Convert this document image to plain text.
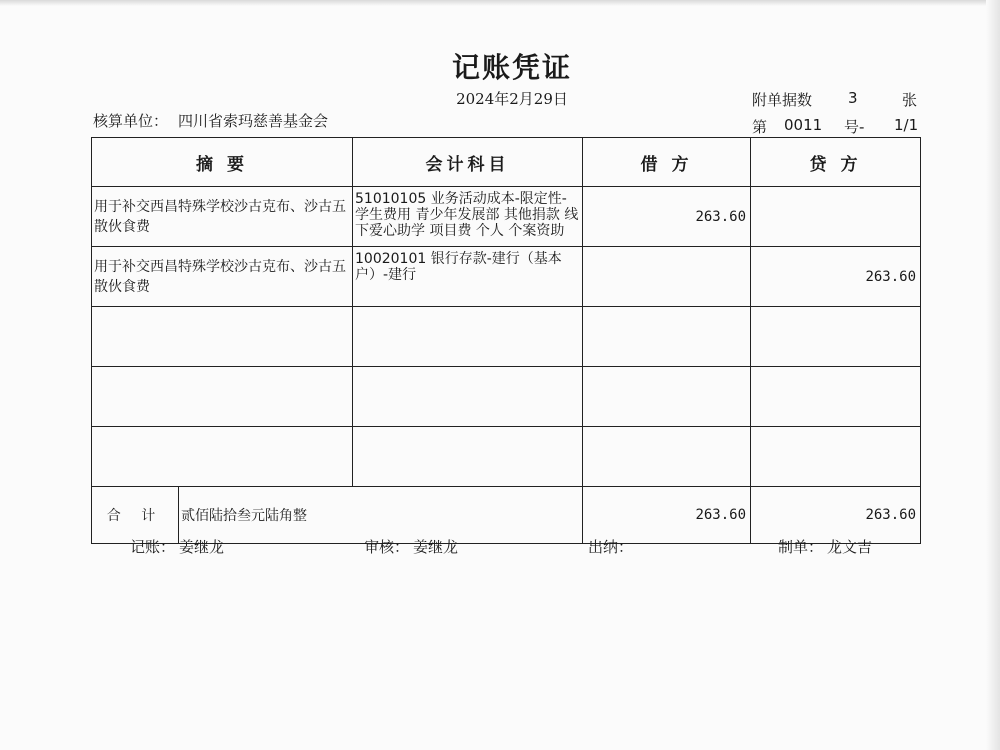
记账凭证
2024年2月29日
核算单位： 四川省索玛慈善基金会
附单据数 3	张
第 0011 号- 1/1
摘 要		会计科目	借 方	贷 方
用于补交西昌特殊学校沙古克布、沙古五散伙食费		51010105 业务活动成本-限定性-学生费用 青少年发展部 其他捐款 线下爱心助学 项目费 个人 个案资助	263.60	
用于补交西昌特殊学校沙古克布、沙古五散伙食费		10020101 银行存款-建行（基本户）-建行		263.60

合 计	贰佰陆拾叁元陆角整		263.60	263.60
记账： 姜继龙	审核： 姜继龙	出纳：	制单： 龙文吉
